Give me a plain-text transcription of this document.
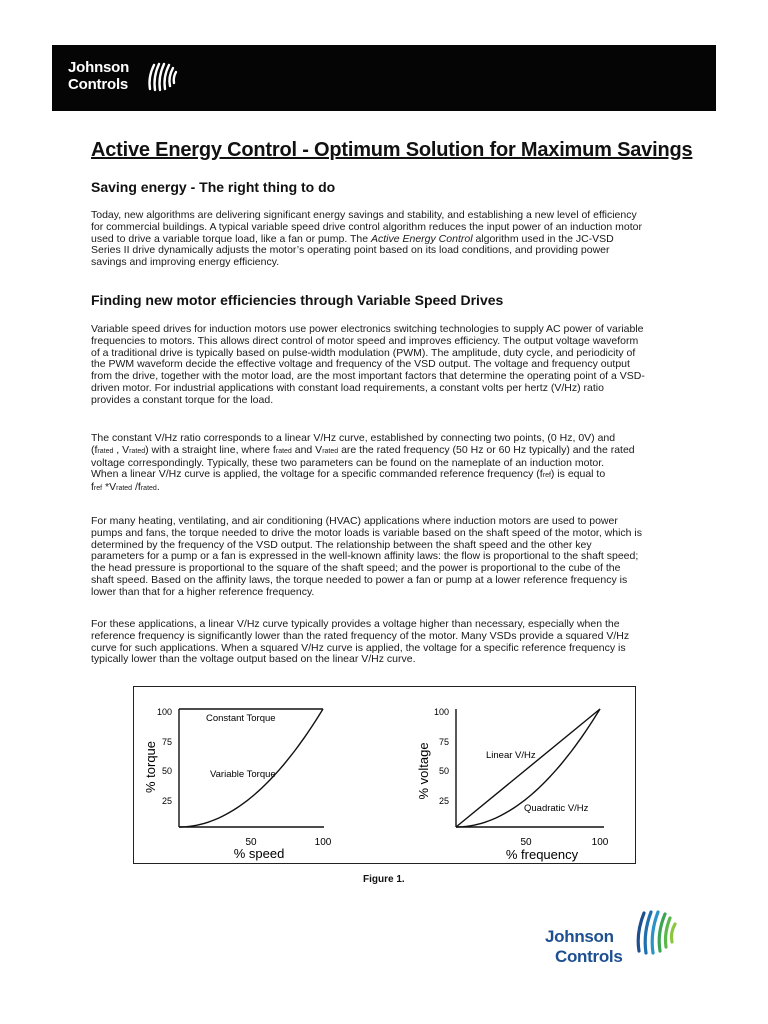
Johnson
Controls
Active Energy Control - Optimum Solution for Maximum Savings
Saving energy - The right thing to do
Today, new algorithms are delivering significant energy savings and stability, and establishing a new level of efficiency
for commercial buildings. A typical variable speed drive control algorithm reduces the input power of an induction motor
used to drive a variable torque load, like a fan or pump. The Active Energy Control algorithm used in the JC-VSD
Series II drive dynamically adjusts the motor’s operating point based on its load conditions, and providing power
savings and improving energy efficiency.
Finding new motor efficiencies through Variable Speed Drives
Variable speed drives for induction motors use power electronics switching technologies to supply AC power of variable
frequencies to motors. This allows direct control of motor speed and improves efficiency. The output voltage waveform
of a traditional drive is typically based on pulse-width modulation (PWM). The amplitude, duty cycle, and periodicity of
the PWM waveform decide the effective voltage and frequency of the VSD output. The voltage and frequency output
from the drive, together with the motor load, are the most important factors that determine the operating point of a VSD-
driven motor. For industrial applications with constant load requirements, a constant volts per hertz (V/Hz) ratio
provides a constant torque for the load.
The constant V/Hz ratio corresponds to a linear V/Hz curve, established by connecting two points, (0 Hz, 0V) and
(frated , Vrated) with a straight line, where frated and Vrated are the rated frequency (50 Hz or 60 Hz typically) and the rated
voltage correspondingly. Typically, these two parameters can be found on the nameplate of an induction motor.
When a linear V/Hz curve is applied, the voltage for a specific commanded reference frequency (fref) is equal to
fref *Vrated /frated.
For many heating, ventilating, and air conditioning (HVAC) applications where induction motors are used to power
pumps and fans, the torque needed to drive the motor loads is variable based on the shaft speed of the motor, which is
determined by the frequency of the VSD output. The relationship between the shaft speed and the other key
parameters for a pump or a fan is expressed in the well-known affinity laws: the flow is proportional to the shaft speed;
the head pressure is proportional to the square of the shaft speed; and the power is proportional to the cube of the
shaft speed. Based on the affinity laws, the torque needed to power a fan or pump at a lower reference frequency is
lower than that for a higher reference frequency.
For these applications, a linear V/Hz curve typically provides a voltage higher than necessary, especially when the
reference frequency is significantly lower than the rated frequency of the motor. Many VSDs provide a squared V/Hz
curve for such applications. When a squared V/Hz curve is applied, the voltage for a specific reference frequency is
typically lower than the voltage output based on the linear V/Hz curve.
100
75
50
25
50	100
% speed
% torque
Constant Torque
Variable Torque
100
75
50
25
50	100
% frequency
% voltage	Linear V/Hz
Quadratic V/Hz
Figure 1.
Johnson
Controls
